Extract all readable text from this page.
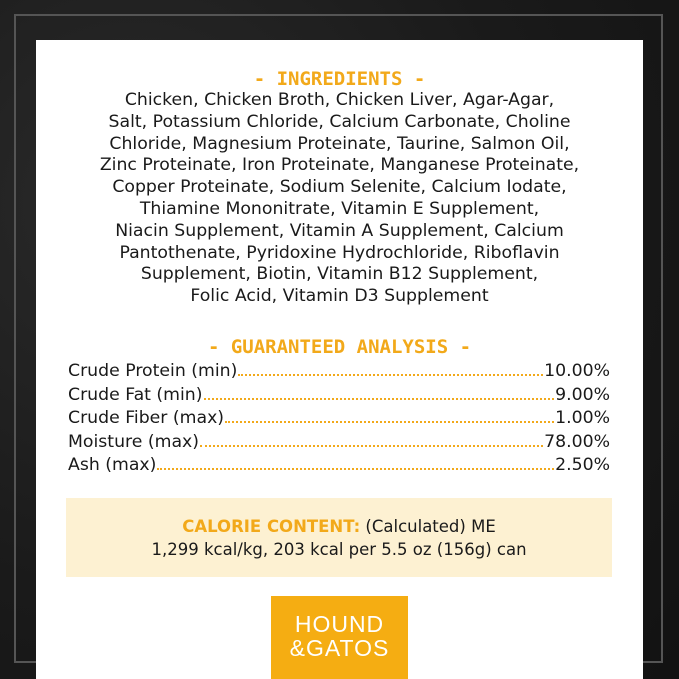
- INGREDIENTS -
Chicken, Chicken Broth, Chicken Liver, Agar-Agar,
Salt, Potassium Chloride, Calcium Carbonate, Choline
Chloride, Magnesium Proteinate, Taurine, Salmon Oil,
Zinc Proteinate, Iron Proteinate, Manganese Proteinate,
Copper Proteinate, Sodium Selenite, Calcium Iodate,
Thiamine Mononitrate, Vitamin E Supplement,
Niacin Supplement, Vitamin A Supplement, Calcium
Pantothenate, Pyridoxine Hydrochloride, Riboflavin
Supplement, Biotin, Vitamin B12 Supplement,
Folic Acid, Vitamin D3 Supplement
- GUARANTEED ANALYSIS -
Crude Protein (min)	10.00%
Crude Fat (min)	9.00%
Crude Fiber (max)	1.00%
Moisture (max)	78.00%
Ash (max)	2.50%
CALORIE CONTENT: (Calculated) ME
1,299 kcal/kg, 203 kcal per 5.5 oz (156g) can
HOUND
&GATOS
